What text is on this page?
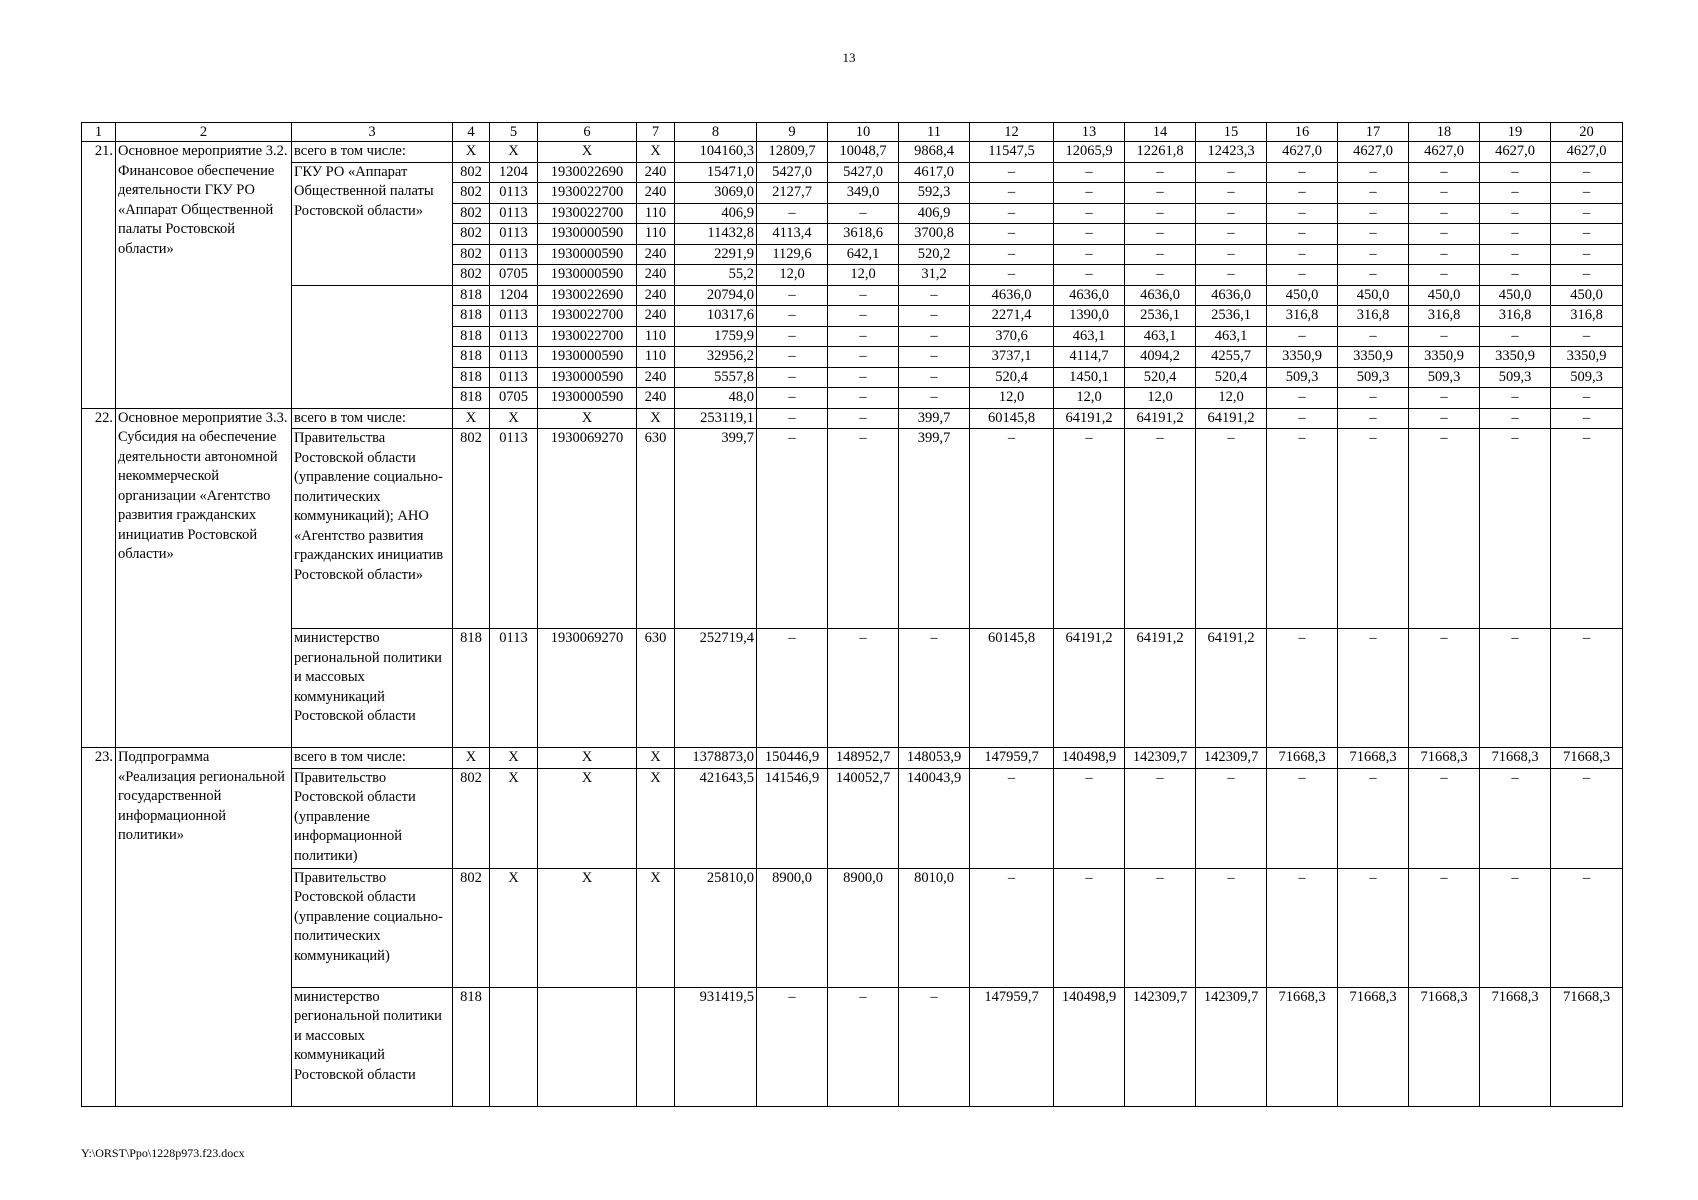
13
1	2	3	4	5	6	7	8	9	10	11	12	13	14	15	16	17	18	19	20
21.	Основное мероприятие 3.2. Финансовое обеспечение деятельности ГКУ РО «Аппарат Общественной палаты Ростовской области»	всего в том числе:	X	X	X	X	104160,3	12809,7	10048,7	9868,4	11547,5	12065,9	12261,8	12423,3	4627,0	4627,0	4627,0	4627,0	4627,0
		ГКУ РО «Аппарат Общественной палаты Ростовской области»	802	1204	1930022690	240	15471,0	5427,0	5427,0	4617,0	–	–	–	–	–	–	–	–	–
			802	0113	1930022700	240	3069,0	2127,7	349,0	592,3	–	–	–	–	–	–	–	–	–
			802	0113	1930022700	110	406,9	–	–	406,9	–	–	–	–	–	–	–	–	–
			802	0113	1930000590	110	11432,8	4113,4	3618,6	3700,8	–	–	–	–	–	–	–	–	–
			802	0113	1930000590	240	2291,9	1129,6	642,1	520,2	–	–	–	–	–	–	–	–	–
			802	0705	1930000590	240	55,2	12,0	12,0	31,2	–	–	–	–	–	–	–	–	–
			818	1204	1930022690	240	20794,0	–	–	–	4636,0	4636,0	4636,0	4636,0	450,0	450,0	450,0	450,0	450,0
			818	0113	1930022700	240	10317,6	–	–	–	2271,4	1390,0	2536,1	2536,1	316,8	316,8	316,8	316,8	316,8
			818	0113	1930022700	110	1759,9	–	–	–	370,6	463,1	463,1	463,1	–	–	–	–	–
			818	0113	1930000590	110	32956,2	–	–	–	3737,1	4114,7	4094,2	4255,7	3350,9	3350,9	3350,9	3350,9	3350,9
			818	0113	1930000590	240	5557,8	–	–	–	520,4	1450,1	520,4	520,4	509,3	509,3	509,3	509,3	509,3
			818	0705	1930000590	240	48,0	–	–	–	12,0	12,0	12,0	12,0	–	–	–	–	–
22.	Основное мероприятие 3.3. Субсидия на обеспечение деятельности автономной некоммерческой организации «Агентство развития гражданских инициатив Ростовской области»	всего в том числе:	X	X	X	X	253119,1	–	–	399,7	60145,8	64191,2	64191,2	64191,2	–	–	–	–	–
		Правительства Ростовской области (управление социально-политических коммуникаций); АНО «Агентство развития гражданских инициатив Ростовской области»	802	0113	1930069270	630	399,7	–	–	399,7	–	–	–	–	–	–	–	–	–
		министерство региональной политики и массовых коммуникаций Ростовской области	818	0113	1930069270	630	252719,4	–	–	–	60145,8	64191,2	64191,2	64191,2	–	–	–	–	–
23.	Подпрограмма «Реализация региональной государственной информационной политики»	всего в том числе:	X	X	X	X	1378873,0	150446,9	148952,7	148053,9	147959,7	140498,9	142309,7	142309,7	71668,3	71668,3	71668,3	71668,3	71668,3
		Правительство Ростовской области (управление информационной политики)	802	X	X	X	421643,5	141546,9	140052,7	140043,9	–	–	–	–	–	–	–	–	–
		Правительство Ростовской области (управление социально-политических коммуникаций)	802	X	X	X	25810,0	8900,0	8900,0	8010,0	–	–	–	–	–	–	–	–	–
		министерство региональной политики и массовых коммуникаций Ростовской области	818				931419,5	–	–	–	147959,7	140498,9	142309,7	142309,7	71668,3	71668,3	71668,3	71668,3	71668,3
Y:\ORST\Ppo\1228p973.f23.docx
